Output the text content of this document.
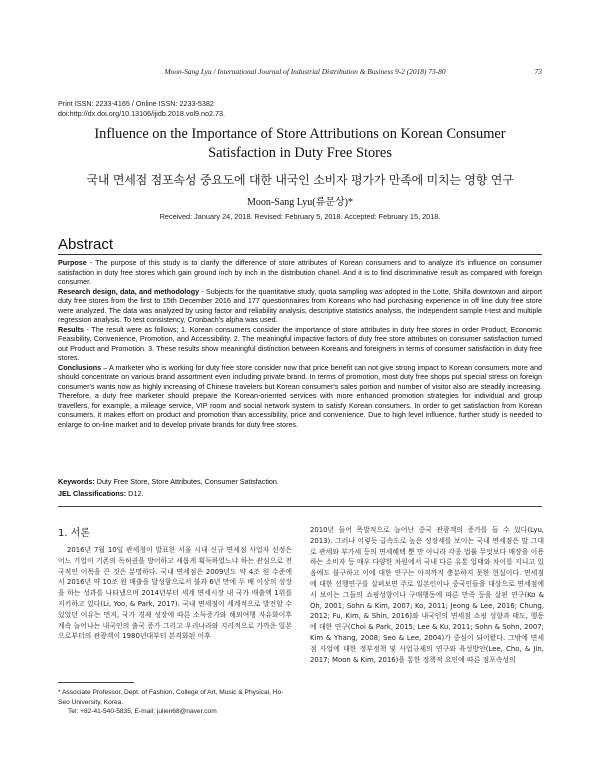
Moon-Sang Lyu / International Journal of Industrial Distribution & Business 9-2 (2018) 73-80	73
Print ISSN: 2233-4165 / Online ISSN: 2233-5382
doi:http://dx.doi.org/10.13106/ijidb.2018.vol9.no2.73.
Influence on the Importance of Store Attributions on Korean Consumer
Satisfaction in Duty Free Stores
국내 면세점 점포속성 중요도에 대한 내국인 소비자 평가가 만족에 미치는 영향 연구
Moon-Sang Lyu(류문상)*
Received: January 24, 2018. Revised: February 5, 2018. Accepted: February 15, 2018.
Abstract

Purpose - The purpose of this study is to clarify the difference of store attributes of Korean consumers and to analyze it's influence on consumer satisfaction in duty free stores which gain ground inch by inch in the distribution chanel. And it is to find discriminative result as compared with foreign consumer.

Research design, data, and methodology - Subjects for the quantitative study, quota sampling was adopted in the Lotte, Shilla downtown and airport duty free stores from the first to 15th December 2016 and 177 questionnaires from Koreans who had purchasing experience in off line duty free store were analyzed. The data was analyzed by using factor and reliability analysis, descriptive statistics analysis, the independent sample t-test and multiple regression analysis. To test consistency, Cronbach's alpha was used.

Results - The result were as follows; 1. Korean consumers consider the importance of store attributes in duty free stores in order Product, Economic Feasibility, Convenience, Promotion, and Accessibility. 2. The meaningful impactive factors of duty free store attributes on consumer satisfaction turned out Product and Promotion. 3. These results show meaningful distinction between Koreans and foreigners in terms of consumer satisfaction in duty free stores.

Conclusions – A marketer who is working for duty free store consider now that price benefit can not give strong impact to Korean consumers more and should concentrate on various brand assortment even including private brand. In terms of promotion, most duty free shops put special stress on foreign consumer's wants now as highly increasing of Chinese travelers but Korean consumer's sales portion and number of visitor also are steadily increasing. Therefore, a duty free marketer should prepare the Korean-oriented services with more enhanced promotion strategies for individual and group travellers, for example, a mileage service, VIP room and social network system to satisfy Korean consumers. In order to get satisfaction from Korean consumers, it makes effort on product and promotion than accessibility, price and convenience. Due to high level influence, further study is needed to enlarge to on-line market and to develop private brands for duty free stores.

Keywords: Duty Free Store, Store Attributes, Consumer Satisfaction.
JEL Classifications: D12.
1. 서론
2016년 7월 10일 관세청이 발표한 서울 시내 신규 면세점 사업자 선정은 어느 기업이 기존의 독허권을 방어하고 새롭게 획득하였느냐 하는 관심으로 전국적인 이목을 끈 것은 분명하다. 국내 면세점은 2009년도 약 4조 원 수준에서 2016년 약 10조 원 매출을 달성함으로서 불과 6년 만에 두 배 이상의 성장을 하는 성과를 나타냈으며 2014년부터 세계 면세시장 내 국가 매출액 1위를 지키하고 있다(Li, Yoo, & Park, 2017). 국내 면세점이 세계적으로 발전할 수 있었던 이유는 먼저, 국가 경제 성장에 따른 소득증가와 해외여행 자유화이후 계속 늘어나는 내국인의 출국 증가 그리고 우리나라와 지리적으로 가까운 일본으로부터의 관광객이 1980년대부터 본격화된 이후
2010년 들어 폭발적으로 늘어난 중국 관광객의 증가를 들 수 있다(Lyu, 2013). 그러나 이렇듯 급속도로 높은 성장세를 보이는 국내 면세점은 말 그대로 관세와 부가세 등의 면세혜택 뿐 만 아니라 각종 법률 무엇보다 매장을 이용하는 소비자 등 매우 다양한 차원에서 국내 다른 유통 업태와 차이를 지니고 있음에도 불구하고 이에 대한 연구는 아직까지 충분하지 못한 현실이다. 면세점에 대한 선행연구를 살펴보면 주로 일본인이나 중국인들을 대상으로 면세점에서 보이는 그들의 쇼핑성향이나 구매행동에 따른 만족 등을 살핀 연구(Ko & Oh, 2001; Sohn & Kim, 2007; Ko, 2011; Jeong & Lee, 2016; Chung, 2012; Fu, Kim, & Shin, 2016)와 내국인의 면세점 쇼핑 성향과 태도, 행동에 대한 연구(Choi & Park, 2015; Lee & Ku, 2011; Sohn & Sohn, 2007; Kim & Yhang, 2008; Seo & Lee, 2004)가 중심이 되어왔다. 그밖에 면세점 사업에 대한 정부정책 및 사업규제의 연구와 육성방안(Lee, Cho, & Jin, 2017; Moon & Kim, 2016)을 통한 정책적 요인에 따른 점포속성의
* Associate Professor, Dept. of Fashion, College of Art, Music & Physical, Ho-Seo University, Korea.
Tel: +82-41-540-5835, E-mail: julien68@naver.com
